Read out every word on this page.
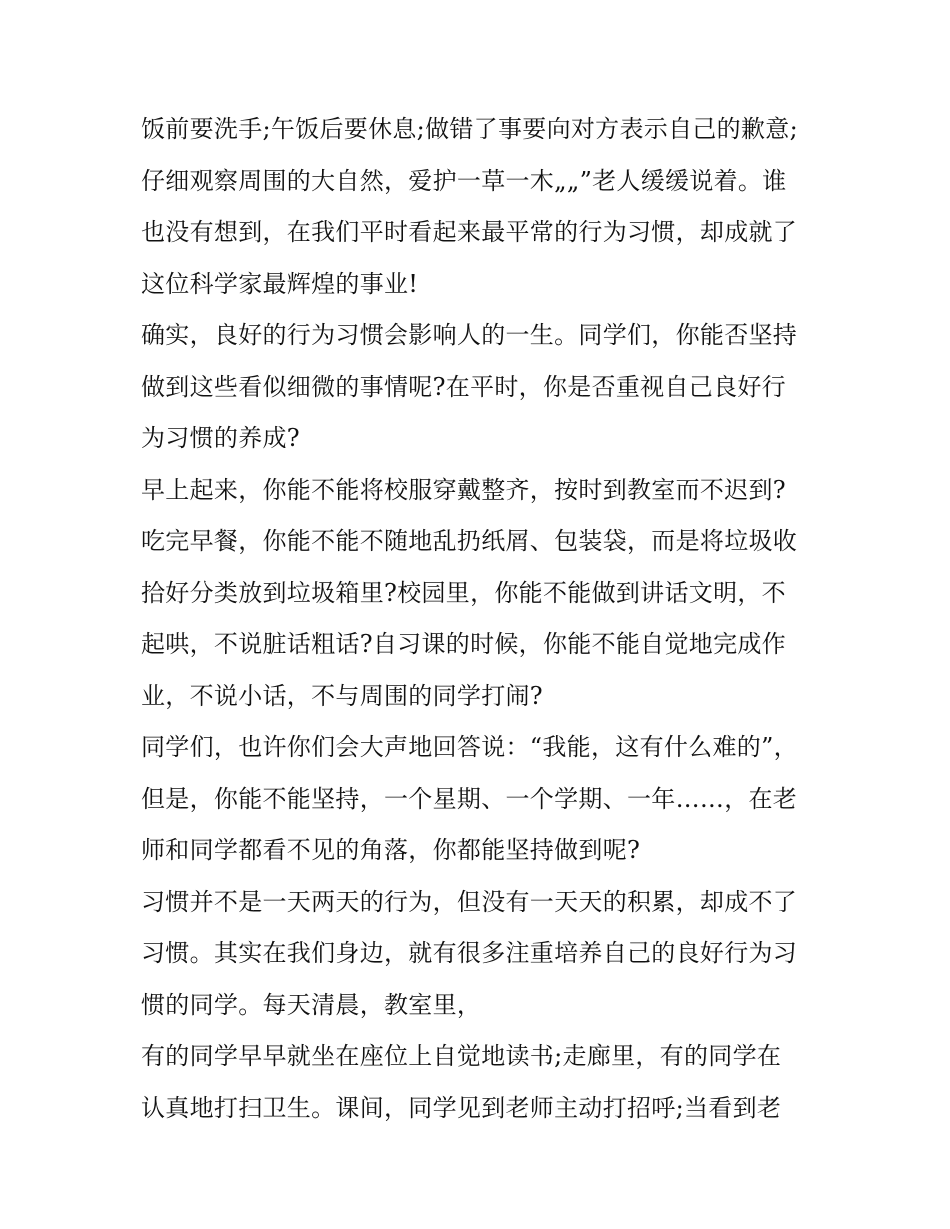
饭前要洗手;午饭后要休息;做错了事要向对方表示自己的歉意;
仔细观察周围的大自然，爱护一草一木„„”老人缓缓说着。谁
也没有想到，在我们平时看起来最平常的行为习惯，却成就了
这位科学家最辉煌的事业!
确实，良好的行为习惯会影响人的一生。同学们，你能否坚持
做到这些看似细微的事情呢?在平时，你是否重视自己良好行
为习惯的养成?
早上起来，你能不能将校服穿戴整齐，按时到教室而不迟到?
吃完早餐，你能不能不随地乱扔纸屑、包装袋，而是将垃圾收
拾好分类放到垃圾箱里?校园里，你能不能做到讲话文明，不
起哄，不说脏话粗话?自习课的时候，你能不能自觉地完成作
业，不说小话，不与周围的同学打闹?
同学们，也许你们会大声地回答说：“我能，这有什么难的”，
但是，你能不能坚持，一个星期、一个学期、一年……，在老
师和同学都看不见的角落，你都能坚持做到呢?
习惯并不是一天两天的行为，但没有一天天的积累，却成不了
习惯。其实在我们身边，就有很多注重培养自己的良好行为习
惯的同学。每天清晨，教室里，
有的同学早早就坐在座位上自觉地读书;走廊里，有的同学在
认真地打扫卫生。课间，同学见到老师主动打招呼;当看到老
